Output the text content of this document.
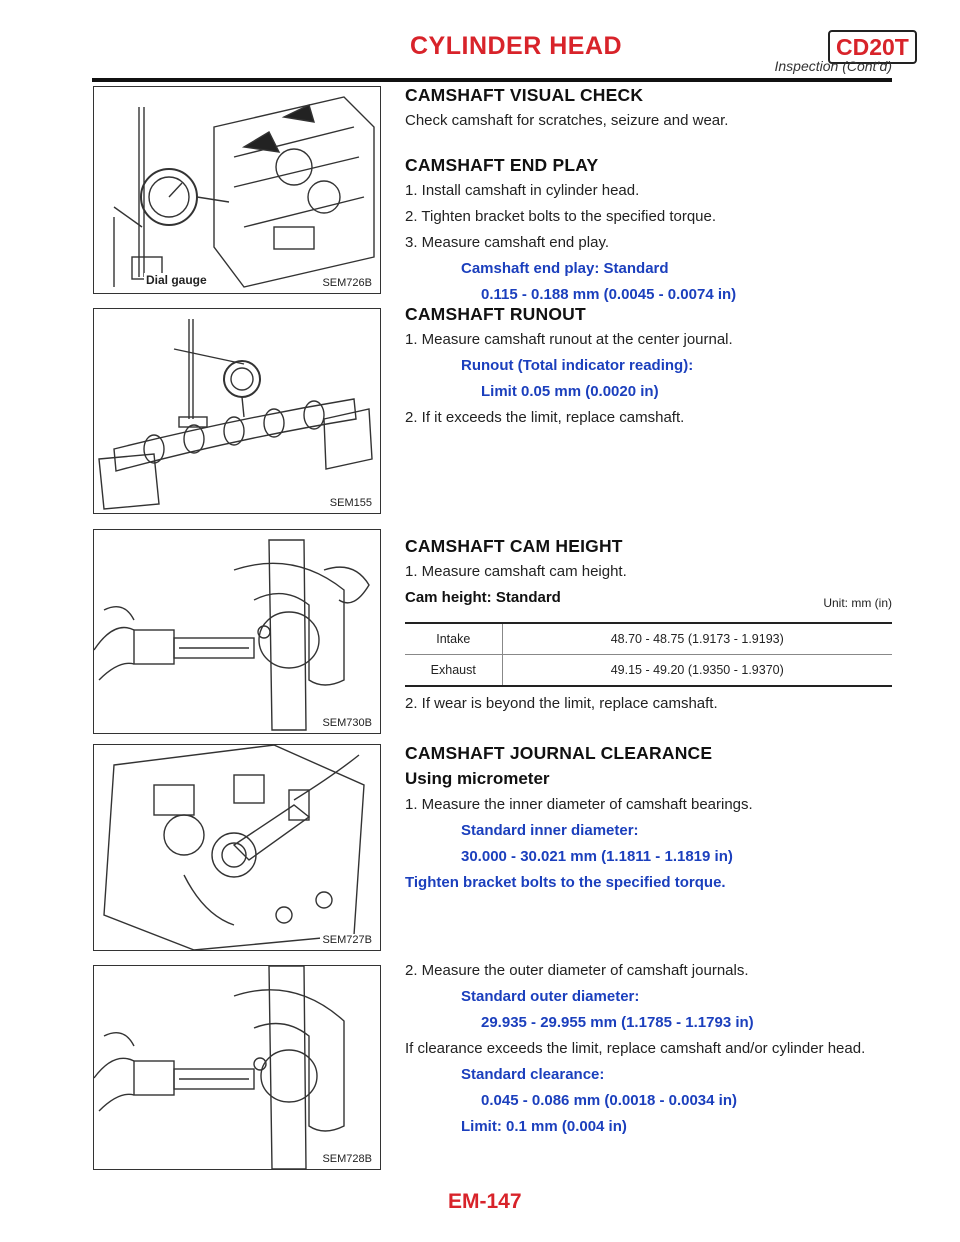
CYLINDER HEAD	CD20T
Inspection (Cont’d)
Dial gauge	SEM726B
SEM155
SEM730B
SEM727B
SEM728B
CAMSHAFT VISUAL CHECK
Check camshaft for scratches, seizure and wear.
CAMSHAFT END PLAY
1. Install camshaft in cylinder head.
2. Tighten bracket bolts to the specified torque.
3. Measure camshaft end play.
Camshaft end play: Standard
0.115 - 0.188 mm (0.0045 - 0.0074 in)
CAMSHAFT RUNOUT
1. Measure camshaft runout at the center journal.
Runout (Total indicator reading):
Limit 0.05 mm (0.0020 in)
2. If it exceeds the limit, replace camshaft.
CAMSHAFT CAM HEIGHT
1. Measure camshaft cam height.
Cam height: Standard	Unit: mm (in)
Intake	48.70 - 48.75 (1.9173 - 1.9193)
Exhaust	49.15 - 49.20 (1.9350 - 1.9370)
2. If wear is beyond the limit, replace camshaft.
CAMSHAFT JOURNAL CLEARANCE
Using micrometer
1. Measure the inner diameter of camshaft bearings.
Standard inner diameter:
30.000 - 30.021 mm (1.1811 - 1.1819 in)
Tighten bracket bolts to the specified torque.
2. Measure the outer diameter of camshaft journals.
Standard outer diameter:
29.935 - 29.955 mm (1.1785 - 1.1793 in)
If clearance exceeds the limit, replace camshaft and/or cylinder head.
Standard clearance:
0.045 - 0.086 mm (0.0018 - 0.0034 in)
Limit: 0.1 mm (0.004 in)
EM-147
